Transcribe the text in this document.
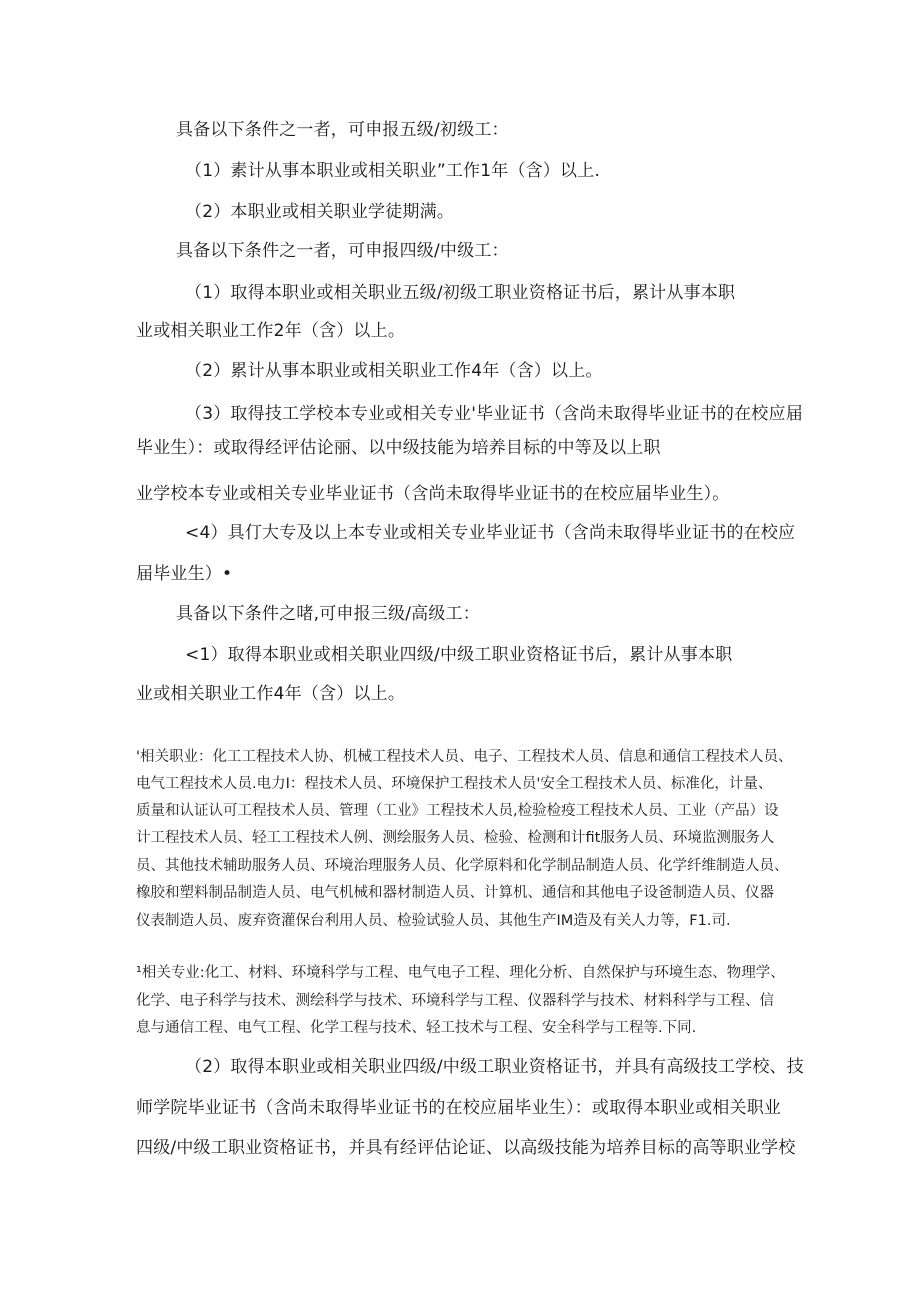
具备以下条件之一者，可申报五级/初级工：
（1）素计从事本职业或相关职业”工作1年（含）以上.
（2）本职业或相关职业学徒期满。
具备以下条件之一者，可申报四级/中级工：
（1）取得本职业或相关职业五级/初级工职业资格证书后，累计从事本职
业或相关职业工作2年（含）以上。
（2）累计从事本职业或相关职业工作4年（含）以上。
（3）取得技工学校本专业或相关专业'毕业证书（含尚未取得毕业证书的在校应届
毕业生）：或取得经评估论丽、以中级技能为培养目标的中等及以上职
业学校本专业或相关专业毕业证书（含尚未取得毕业证书的在校应届毕业生）。
<4）具仃大专及以上本专业或相关专业毕业证书（含尚未取得毕业证书的在校应
届毕业生）•
具备以下条件之啫,可申报三级/高级工：
<1）取得本职业或相关职业四级/中级工职业资格证书后，累计从事本职
业或相关职业工作4年（含）以上。
'相关职业：化工工程技术人协、机械工程技术人员、电子、工程技术人员、信息和通信工程技术人员、
电气工程技术人员.电力I：程技术人员、环境保护工程技术人员'安全工程技术人员、标准化，计量、
质量和认证认可工程技术人员、管理（工业》工程技术人员,检验检疫工程技术人员、工业（产品）设
计工程技术人员、轻工工程技术人例、测绘服务人员、检验、检测和计fit服务人员、环境监测服务人
员、其他技术辅助服务人员、环境治理服务人员、化学原料和化学制品制造人员、化学纤维制造人员、
橡胶和塑料制品制造人员、电气机械和器材制造人员、计算机、通信和其他电子设爸制造人员、仪器
仪表制造人员、废弃资灌保台利用人员、检验试验人员、其他生产IM造及有关人力等，F1.司.
¹相关专业:化工、材料、环境科学与工程、电气电子工程、理化分析、自然保护与环境生态、物理学、
化学、电子科学与技术、测绘科学与技术、环境科学与工程、仪器科学与技术、材料科学与工程、信
息与通信工程、电气工程、化学工程与技术、轻工技术与工程、安全科学与工程等.下同.
（2）取得本职业或相关职业四级/中级工职业资格证书，并具有高级技工学校、技
师学院毕业证书（含尚未取得毕业证书的在校应届毕业生）：或取得本职业或相关职业
四级/中级工职业资格证书，并具有经评估论证、以高级技能为培养目标的高等职业学校
